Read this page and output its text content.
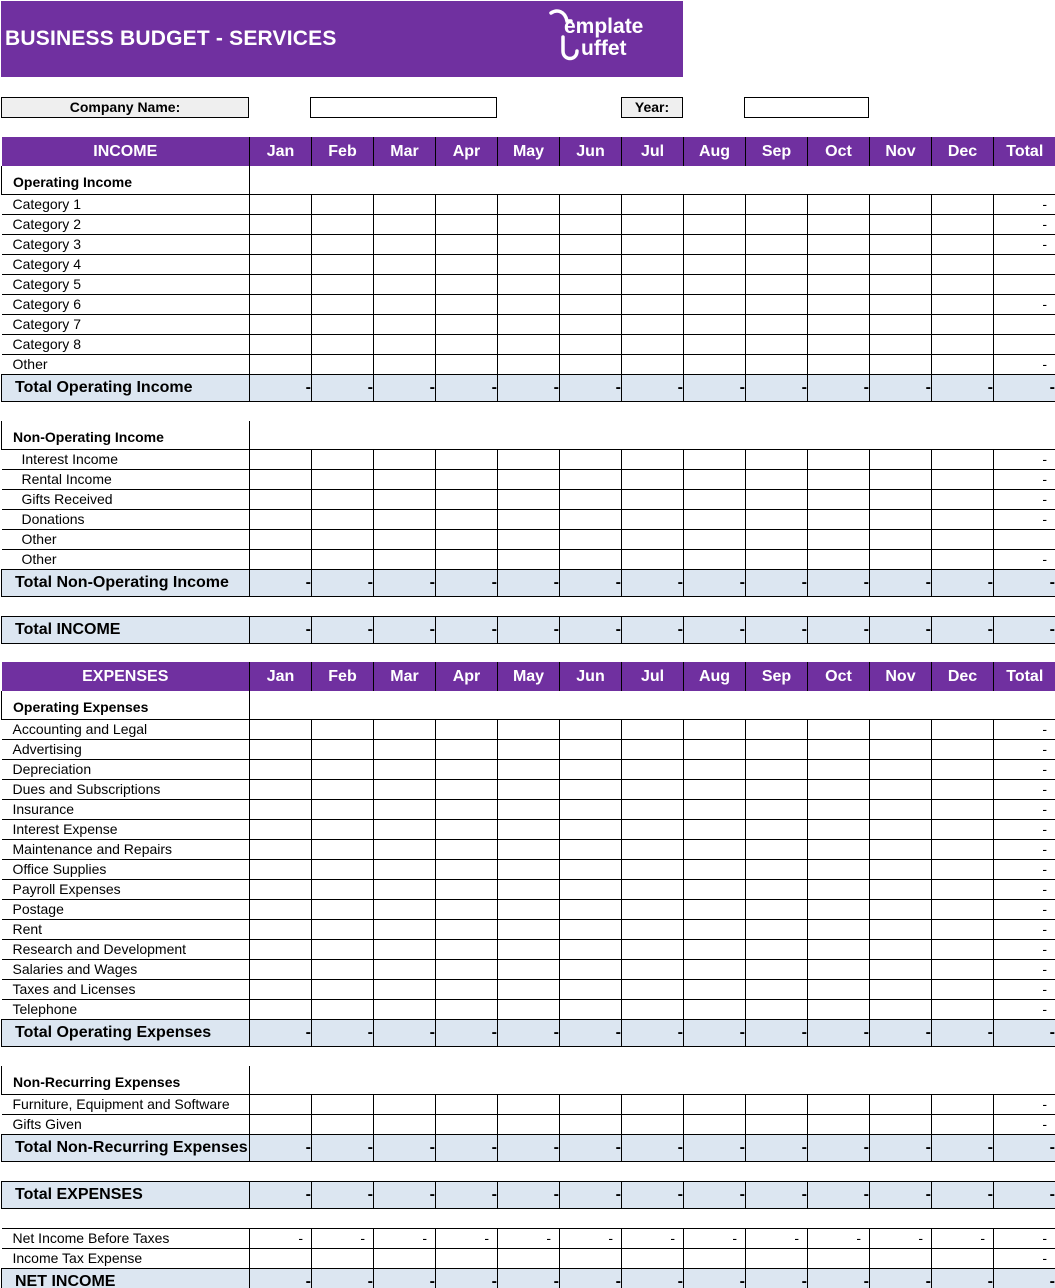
BUSINESS BUDGET - SERVICES
emplate
uffet
Company Name:	Year:
INCOME	Jan	Feb	Mar	Apr	May	Jun	Jul	Aug	Sep	Oct	Nov	Dec	Total
Operating Income													
Category 1													-
Category 2													-
Category 3													-
Category 4													
Category 5													
Category 6													-
Category 7													
Category 8													
Other													-
Total Operating Income	-	-	-	-	-	-	-	-	-	-	-	-	-

Non-Operating Income													
Interest Income													-
Rental Income													-
Gifts Received													-
Donations													-
Other													
Other													-
Total Non-Operating Income	-	-	-	-	-	-	-	-	-	-	-	-	-

Total INCOME	-	-	-	-	-	-	-	-	-	-	-	-	-
EXPENSES	Jan	Feb	Mar	Apr	May	Jun	Jul	Aug	Sep	Oct	Nov	Dec	Total
Operating Expenses													
Accounting and Legal													-
Advertising													-
Depreciation													-
Dues and Subscriptions													-
Insurance													-
Interest Expense													-
Maintenance and Repairs													-
Office Supplies													-
Payroll Expenses													-
Postage													-
Rent													-
Research and Development													-
Salaries and Wages													-
Taxes and Licenses													-
Telephone													-
Total Operating Expenses	-	-	-	-	-	-	-	-	-	-	-	-	-

Non-Recurring Expenses													
Furniture, Equipment and Software													-
Gifts Given													-
Total Non-Recurring Expenses	-	-	-	-	-	-	-	-	-	-	-	-	-

Total EXPENSES	-	-	-	-	-	-	-	-	-	-	-	-	-

Net Income Before Taxes	-	-	-	-	-	-	-	-	-	-	-	-	-
Income Tax Expense													-
NET INCOME	-	-	-	-	-	-	-	-	-	-	-	-	-
